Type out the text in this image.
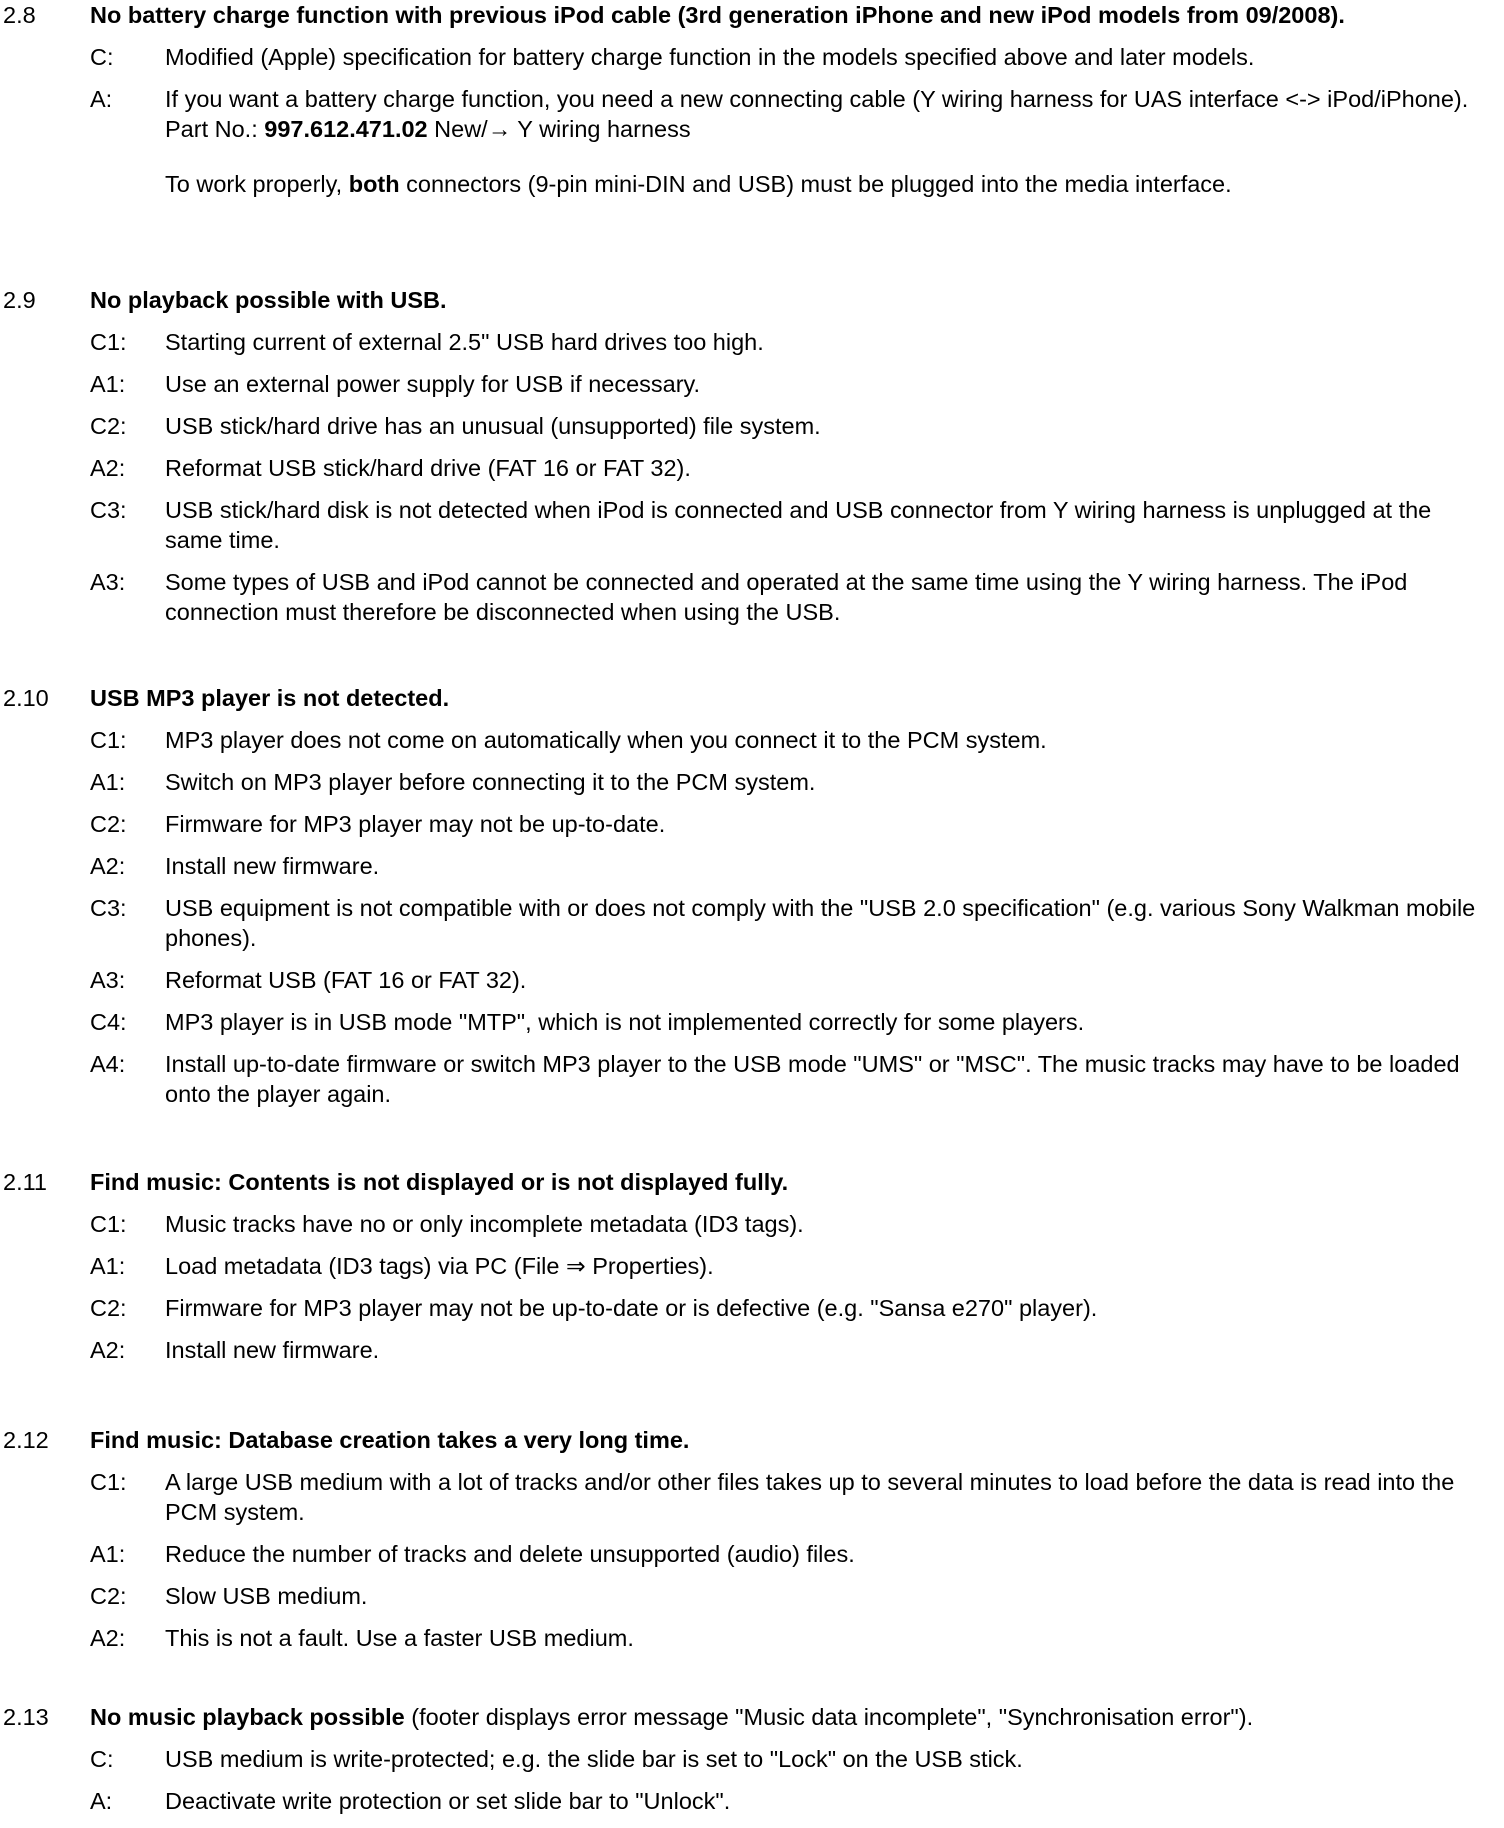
2.8 No battery charge function with previous iPod cable (3rd generation iPhone and new iPod models from 09/2008).
C: Modified (Apple) specification for battery charge function in the models specified above and later models.
A: If you want a battery charge function, you need a new connecting cable (Y wiring harness for UAS interface <-> iPod/iPhone).
Part No.: 997.612.471.02 New/→ Y wiring harness
To work properly, both connectors (9-pin mini-DIN and USB) must be plugged into the media interface.
2.9 No playback possible with USB.
C1: Starting current of external 2.5" USB hard drives too high.
A1: Use an external power supply for USB if necessary.
C2: USB stick/hard drive has an unusual (unsupported) file system.
A2: Reformat USB stick/hard drive (FAT 16 or FAT 32).
C3: USB stick/hard disk is not detected when iPod is connected and USB connector from Y wiring harness is unplugged at the same time.
A3: Some types of USB and iPod cannot be connected and operated at the same time using the Y wiring harness. The iPod connection must therefore be disconnected when using the USB.
2.10 USB MP3 player is not detected.
C1: MP3 player does not come on automatically when you connect it to the PCM system.
A1: Switch on MP3 player before connecting it to the PCM system.
C2: Firmware for MP3 player may not be up-to-date.
A2: Install new firmware.
C3: USB equipment is not compatible with or does not comply with the "USB 2.0 specification" (e.g. various Sony Walkman mobile phones).
A3: Reformat USB (FAT 16 or FAT 32).
C4: MP3 player is in USB mode "MTP", which is not implemented correctly for some players.
A4: Install up-to-date firmware or switch MP3 player to the USB mode "UMS" or "MSC". The music tracks may have to be loaded onto the player again.
2.11 Find music: Contents is not displayed or is not displayed fully.
C1: Music tracks have no or only incomplete metadata (ID3 tags).
A1: Load metadata (ID3 tags) via PC (File ⇒ Properties).
C2: Firmware for MP3 player may not be up-to-date or is defective (e.g. "Sansa e270" player).
A2: Install new firmware.
2.12 Find music: Database creation takes a very long time.
C1: A large USB medium with a lot of tracks and/or other files takes up to several minutes to load before the data is read into the PCM system.
A1: Reduce the number of tracks and delete unsupported (audio) files.
C2: Slow USB medium.
A2: This is not a fault. Use a faster USB medium.
2.13 No music playback possible (footer displays error message "Music data incomplete", "Synchronisation error").
C: USB medium is write-protected; e.g. the slide bar is set to "Lock" on the USB stick.
A: Deactivate write protection or set slide bar to "Unlock".
